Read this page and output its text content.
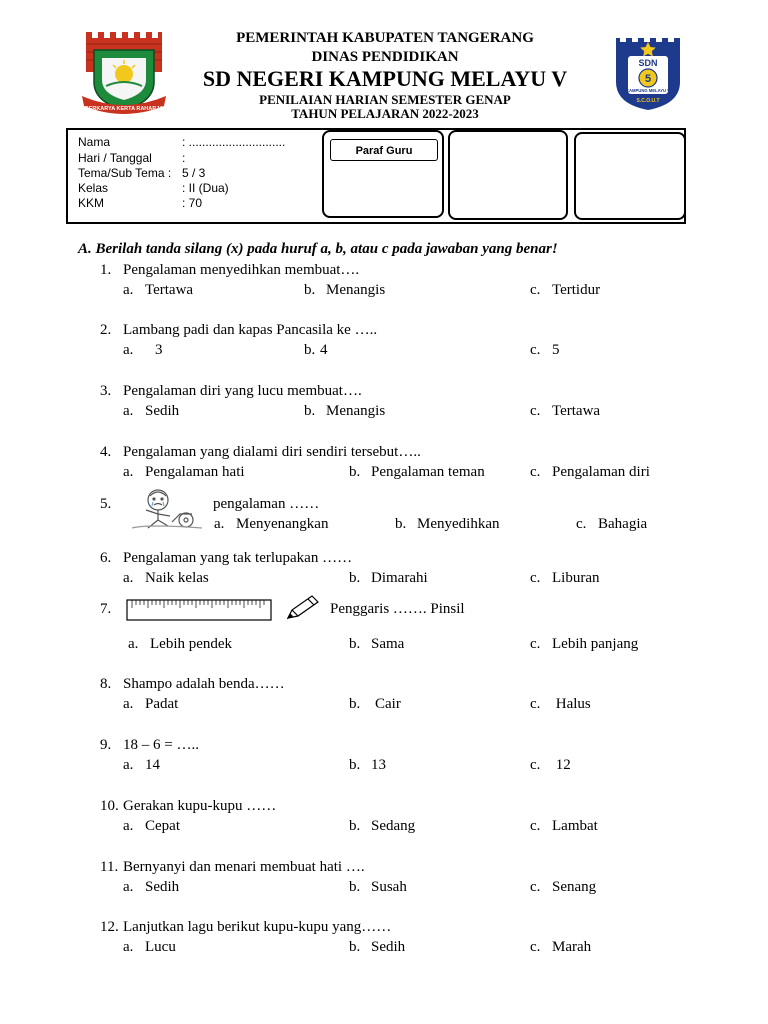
BERKARYA KERTA RAHARJA
SDN
5
KAMPUNG MELAYU V
S.C.O.U.T
PEMERINTAH KABUPATEN TANGERANG
DINAS PENDIDIKAN
SD NEGERI KAMPUNG MELAYU V
PENILAIAN HARIAN SEMESTER GENAP
TAHUN PELAJARAN 2022-2023
Nama	: .............................
Hari / Tanggal	:
Tema/Sub Tema : 5 / 3
Kelas	: II (Dua)
KKM	: 70
Paraf Guru
A. Berilah tanda silang (x) pada huruf a, b, atau c pada jawaban yang benar!
1. Pengalaman menyedihkan membuat….
a. Tertawa	b. Menangis	c. Tertidur
2. Lambang padi dan kapas Pancasila ke …..
a. 3	b. 4	c. 5
3. Pengalaman diri yang lucu membuat….
a. Sedih	b. Menangis	c. Tertawa
4. Pengalaman yang dialami diri sendiri tersebut…..
a. Pengalaman hati	b. Pengalaman teman	c. Pengalaman diri
5.	pengalaman ……
a. Menyenangkan	b. Menyedihkan	c. Bahagia
6. Pengalaman yang tak terlupakan ……
a. Naik kelas	b. Dimarahi	c. Liburan
7.	Penggaris ……. Pinsil
a. Lebih pendek	b. Sama	c. Lebih panjang
8. Shampo adalah benda……
a. Padat	b. Cair	c. Halus
9. 18 – 6 = …..
a. 14	b. 13	c. 12
10. Gerakan kupu-kupu ……
a. Cepat	b. Sedang	c. Lambat
11. Bernyanyi dan menari membuat hati ….
a. Sedih	b. Susah	c. Senang
12. Lanjutkan lagu berikut kupu-kupu yang……
a. Lucu	b. Sedih	c. Marah
